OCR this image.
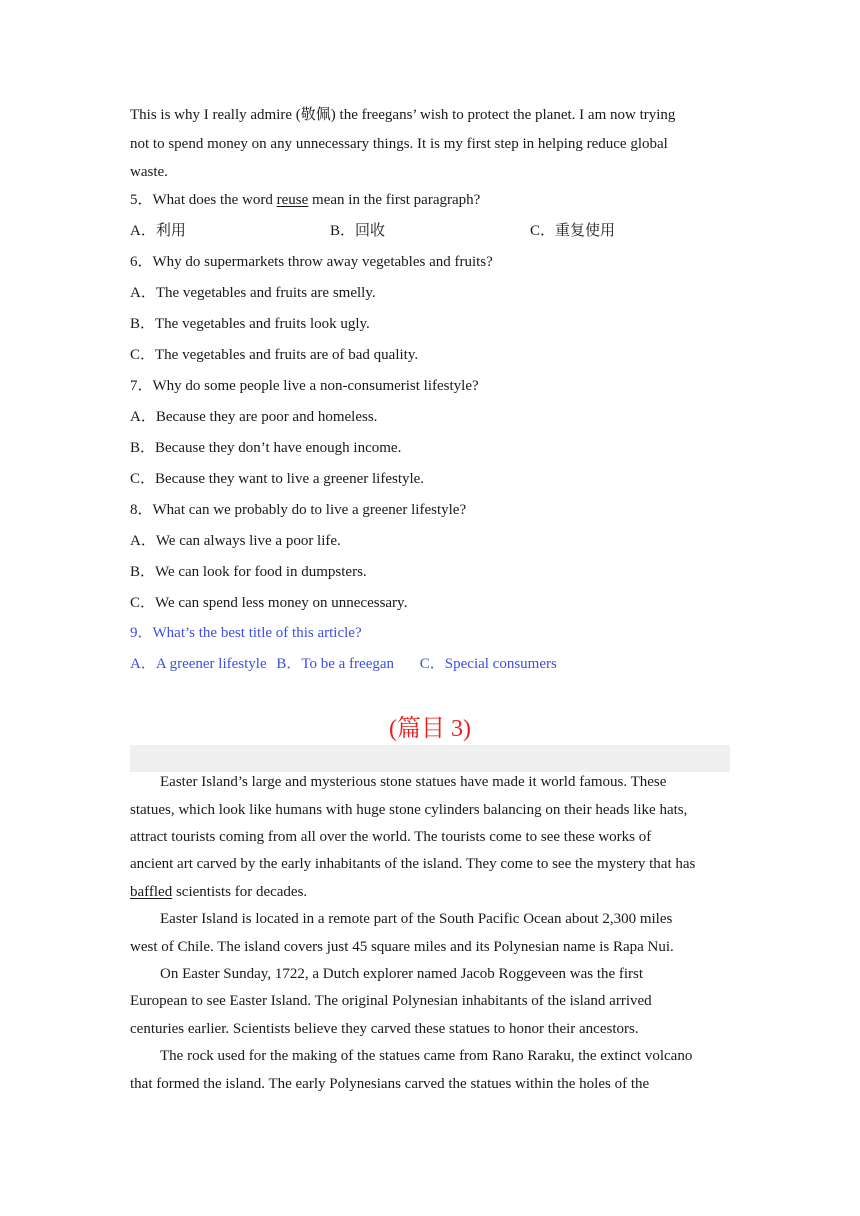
This is why I really admire (敬佩) the freegans’ wish to protect the planet. I am now trying
not to spend money on any unnecessary things. It is my first step in helping reduce global
waste.
5．What does the word reuse mean in the first paragraph?
A．利用	B．回收	C．重复使用
6．Why do supermarkets throw away vegetables and fruits?
A．The vegetables and fruits are smelly.
B．The vegetables and fruits look ugly.
C．The vegetables and fruits are of bad quality.
7．Why do some people live a non-consumerist lifestyle?
A．Because they are poor and homeless.
B．Because they don’t have enough income.
C．Because they want to live a greener lifestyle.
8．What can we probably do to live a greener lifestyle?
A．We can always live a poor life.
B．We can look for food in dumpsters.
C．We can spend less money on unnecessary.
9．What’s the best title of this article?
A．A greener lifestyle B．To be a freegan C．Special consumers
(篇目 3)
Easter Island’s large and mysterious stone statues have made it world famous. These
statues, which look like humans with huge stone cylinders balancing on their heads like hats,
attract tourists coming from all over the world. The tourists come to see these works of
ancient art carved by the early inhabitants of the island. They come to see the mystery that has
baffled scientists for decades.
Easter Island is located in a remote part of the South Pacific Ocean about 2,300 miles
west of Chile. The island covers just 45 square miles and its Polynesian name is Rapa Nui.
On Easter Sunday, 1722, a Dutch explorer named Jacob Roggeveen was the first
European to see Easter Island. The original Polynesian inhabitants of the island arrived
centuries earlier. Scientists believe they carved these statues to honor their ancestors.
The rock used for the making of the statues came from Rano Raraku, the extinct volcano
that formed the island. The early Polynesians carved the statues within the holes of the
